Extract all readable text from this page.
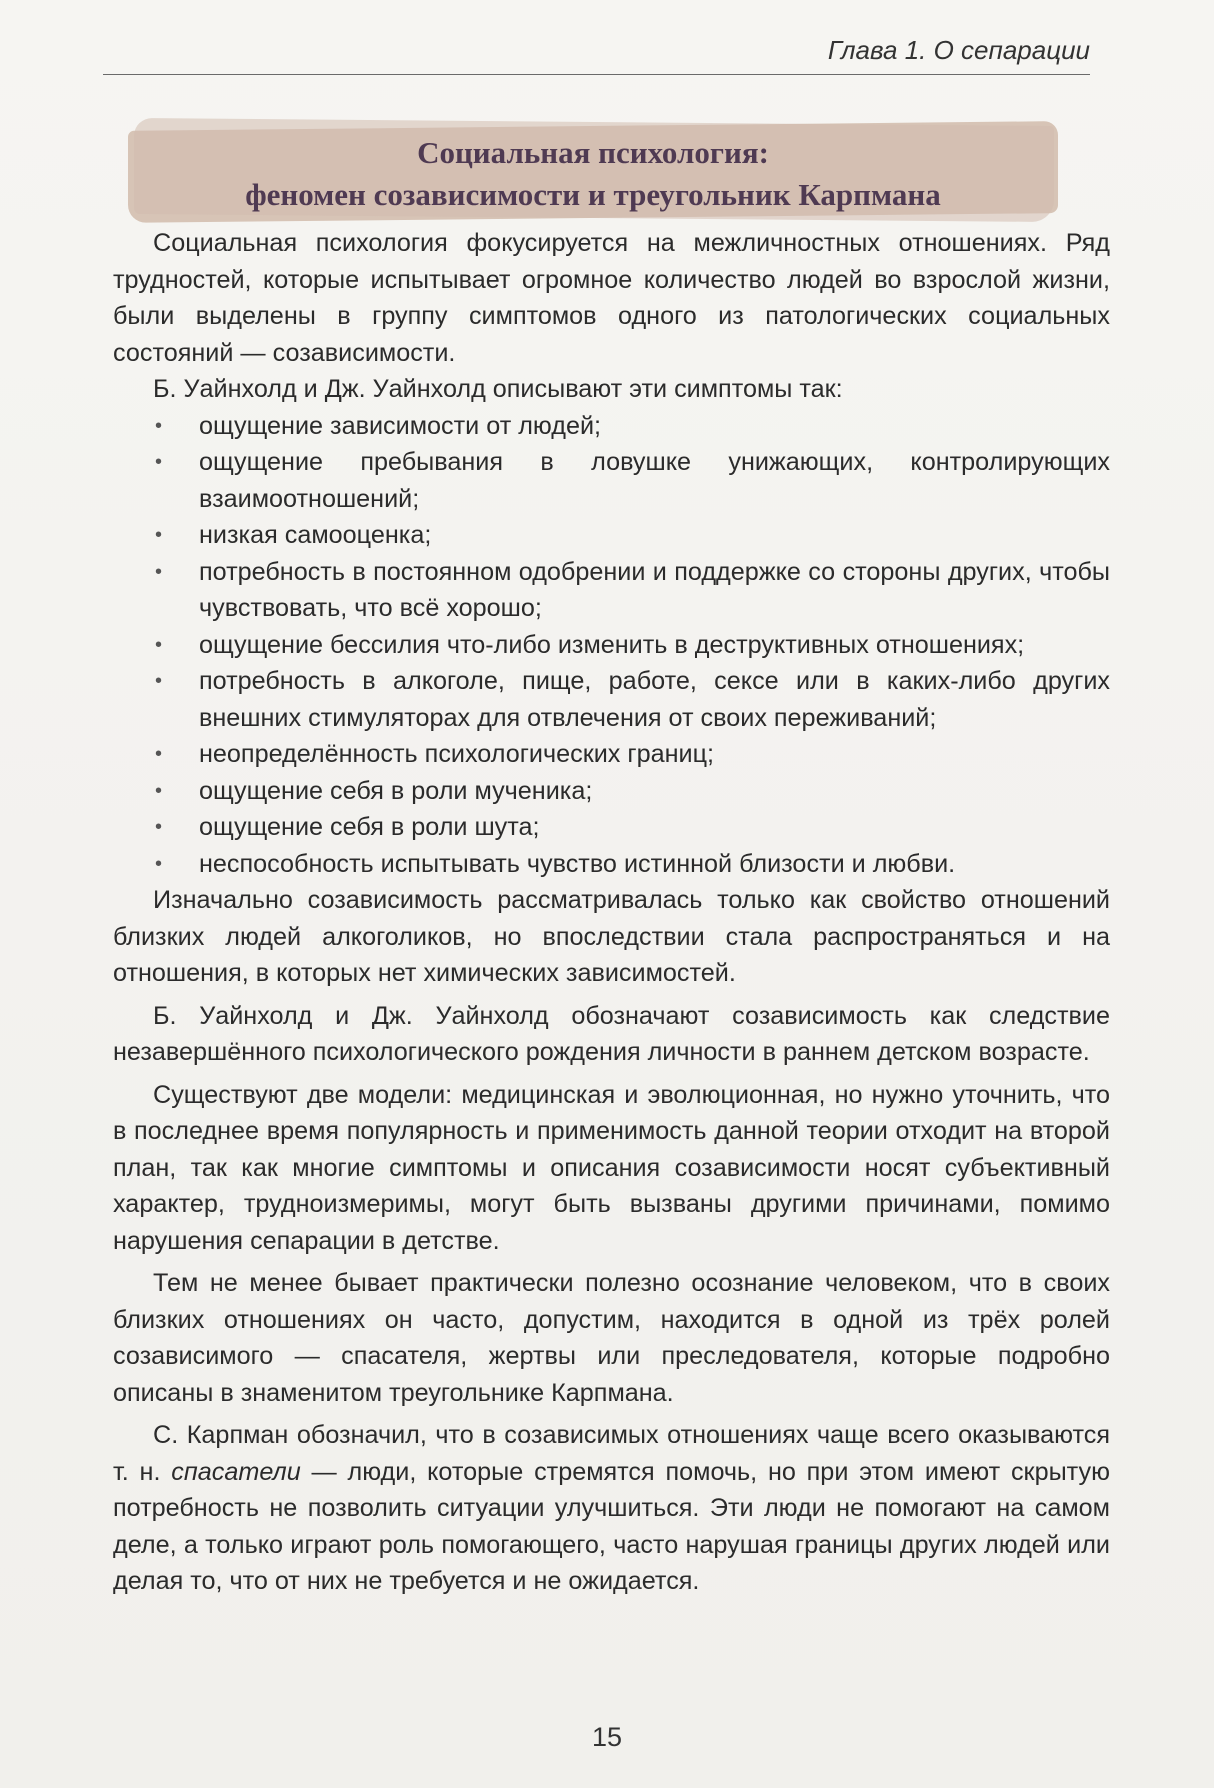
Глава 1. О сепарации
Социальная психология:
феномен созависимости и треугольник Карпмана

Социальная психология фокусируется на межличностных отношениях. Ряд трудностей, которые испытывает огромное количество людей во взрослой жизни, были выделены в группу симптомов одного из патологических социальных состояний — созависимости.

Б. Уайнхолд и Дж. Уайнхолд описывают эти симптомы так:

• ощущение зависимости от людей;
• ощущение пребывания в ловушке унижающих, контролирующих взаимоотношений;
• низкая самооценка;
• потребность в постоянном одобрении и поддержке со стороны других, чтобы чувствовать, что всё хорошо;
• ощущение бессилия что-либо изменить в деструктивных отношениях;
• потребность в алкоголе, пище, работе, сексе или в каких-либо других внешних стимуляторах для отвлечения от своих переживаний;
• неопределённость психологических границ;
• ощущение себя в роли мученика;
• ощущение себя в роли шута;
• неспособность испытывать чувство истинной близости и любви.

Изначально созависимость рассматривалась только как свойство отношений близких людей алкоголиков, но впоследствии стала распространяться и на отношения, в которых нет химических зависимостей.

Б. Уайнхолд и Дж. Уайнхолд обозначают созависимость как следствие незавершённого психологического рождения личности в раннем детском возрасте.

Существуют две модели: медицинская и эволюционная, но нужно уточнить, что в последнее время популярность и применимость данной теории отходит на второй план, так как многие симптомы и описания созависимости носят субъективный характер, трудноизмеримы, могут быть вызваны другими причинами, помимо нарушения сепарации в детстве.

Тем не менее бывает практически полезно осознание человеком, что в своих близких отношениях он часто, допустим, находится в одной из трёх ролей созависимого — спасателя, жертвы или преследователя, которые подробно описаны в знаменитом треугольнике Карпмана.

С. Карпман обозначил, что в созависимых отношениях чаще всего оказываются т. н. спасатели — люди, которые стремятся помочь, но при этом имеют скрытую потребность не позволить ситуации улучшиться. Эти люди не помогают на самом деле, а только играют роль помогающего, часто нарушая границы других людей или делая то, что от них не требуется и не ожидается.

15
